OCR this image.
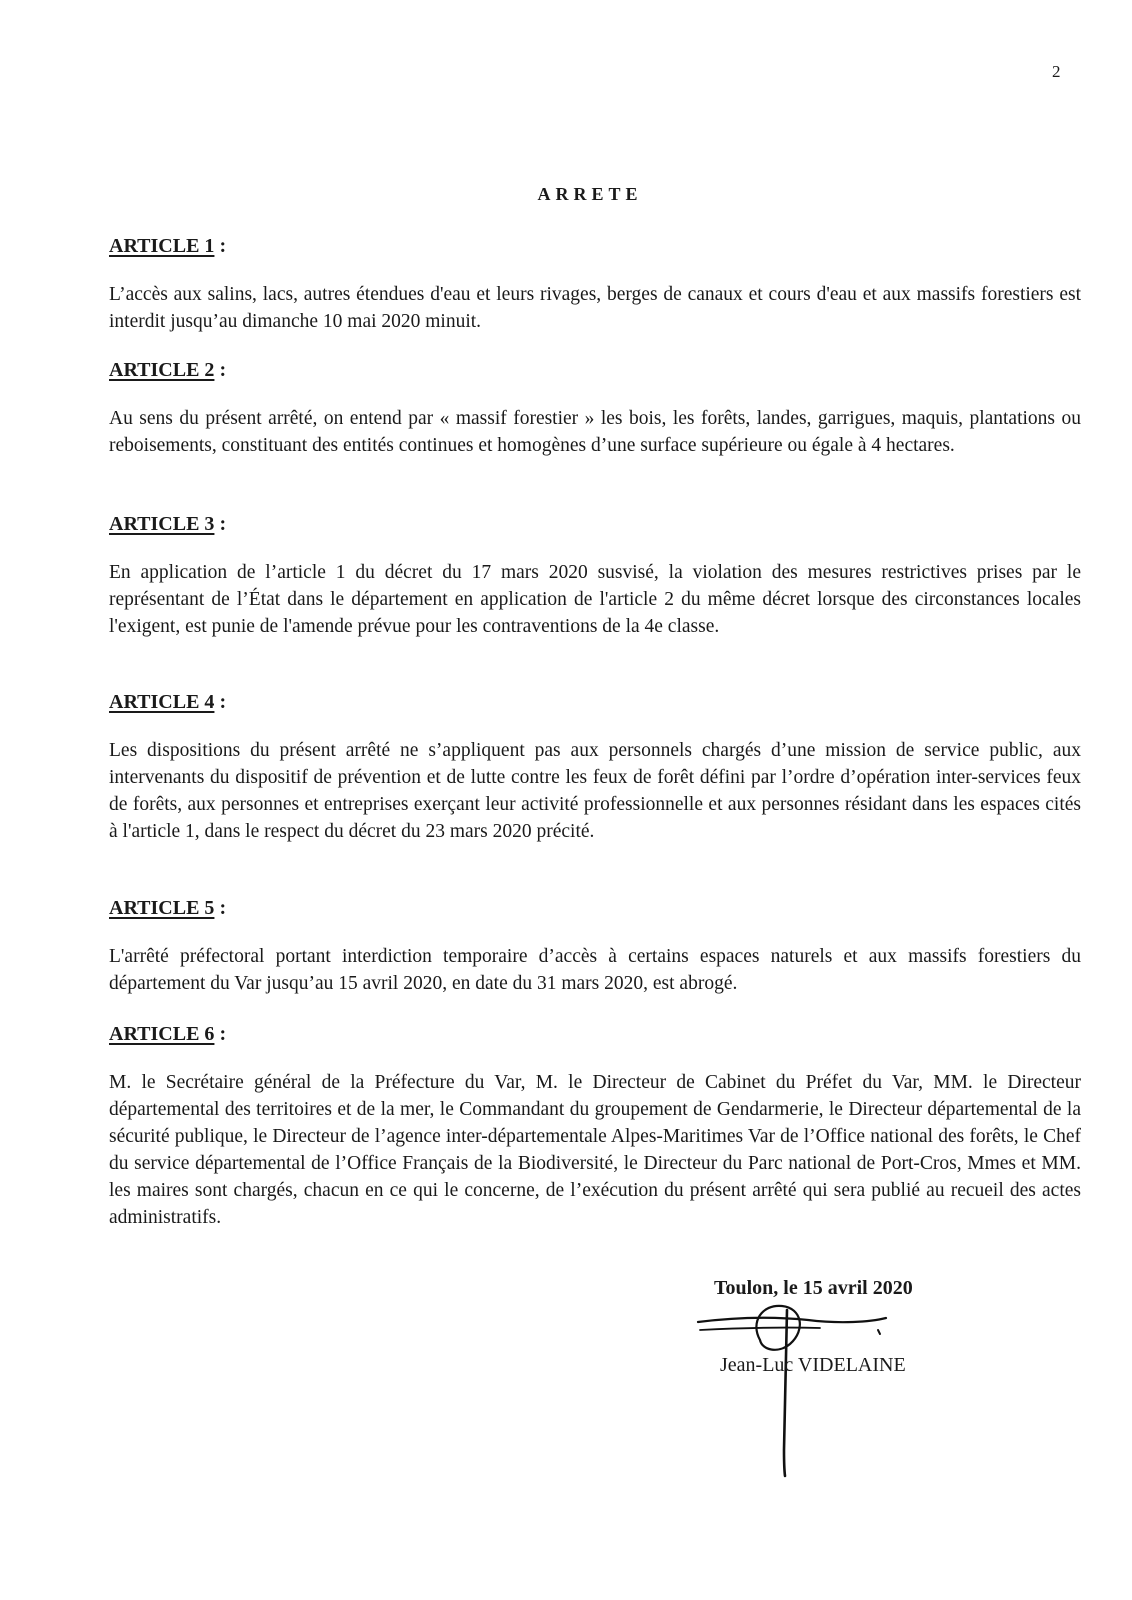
2
ARRETE

ARTICLE 1 :

L’accès aux salins, lacs, autres étendues d'eau et leurs rivages, berges de canaux et cours d'eau et aux massifs forestiers est interdit jusqu’au dimanche 10 mai 2020 minuit.

ARTICLE 2 :

Au sens du présent arrêté, on entend par « massif forestier » les bois, les forêts, landes, garrigues, maquis, plantations ou reboisements, constituant des entités continues et homogènes d’une surface supérieure ou égale à 4 hectares.

ARTICLE 3 :

En application de l’article 1 du décret du 17 mars 2020 susvisé, la violation des mesures restrictives prises par le représentant de l’État dans le département en application de l'article 2 du même décret lorsque des circonstances locales l'exigent, est punie de l'amende prévue pour les contraventions de la 4e classe.

ARTICLE 4 :

Les dispositions du présent arrêté ne s’appliquent pas aux personnels chargés d’une mission de service public, aux intervenants du dispositif de prévention et de lutte contre les feux de forêt défini par l’ordre d’opération inter-services feux de forêts, aux personnes et entreprises exerçant leur activité professionnelle et aux personnes résidant dans les espaces cités à l'article 1, dans le respect du décret du 23 mars 2020 précité.

ARTICLE 5 :

L'arrêté préfectoral portant interdiction temporaire d’accès à certains espaces naturels et aux massifs forestiers du département du Var jusqu’au 15 avril 2020, en date du 31 mars 2020, est abrogé.

ARTICLE 6 :

M. le Secrétaire général de la Préfecture du Var, M. le Directeur de Cabinet du Préfet du Var, MM. le Directeur départemental des territoires et de la mer, le Commandant du groupement de Gendarmerie, le Directeur départemental de la sécurité publique, le Directeur de l’agence inter-départementale Alpes-Maritimes Var de l’Office national des forêts, le Chef du service départemental de l’Office Français de la Biodiversité, le Directeur du Parc national de Port-Cros, Mmes et MM. les maires sont chargés, chacun en ce qui le concerne, de l’exécution du présent arrêté qui sera publié au recueil des actes administratifs.

Toulon, le 15 avril 2020
Jean-Luc VIDELAINE
